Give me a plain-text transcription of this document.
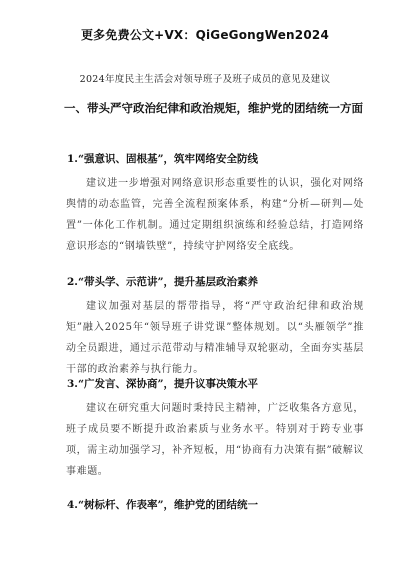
更多免费公文+VX：QiGeGongWen2024
2024年度民主生活会对领导班子及班子成员的意见及建议
一、带头严守政治纪律和政治规矩，维护党的团结统一方面
1.“强意识、固根基”，筑牢网络安全防线
建议进一步增强对网络意识形态重要性的认识，强化对网络舆情的动态监管，完善全流程预案体系，构建“分析—研判—处置”一体化工作机制。通过定期组织演练和经验总结，打造网络意识形态的“钢墙铁壁”，持续守护网络安全底线。
2.“带头学、示范讲”，提升基层政治素养
建议加强对基层的帮带指导，将“严守政治纪律和政治规矩”融入2025年“领导班子讲党课”整体规划。以“头雁领学”推动全员跟进，通过示范带动与精准辅导双轮驱动，全面夯实基层干部的政治素养与执行能力。
3.“广发言、深协商”，提升议事决策水平
建议在研究重大问题时秉持民主精神，广泛收集各方意见，班子成员要不断提升政治素质与业务水平。特别对于跨专业事项，需主动加强学习，补齐短板，用“协商有力决策有据”破解议事难题。
4.“树标杆、作表率”，维护党的团结统一
